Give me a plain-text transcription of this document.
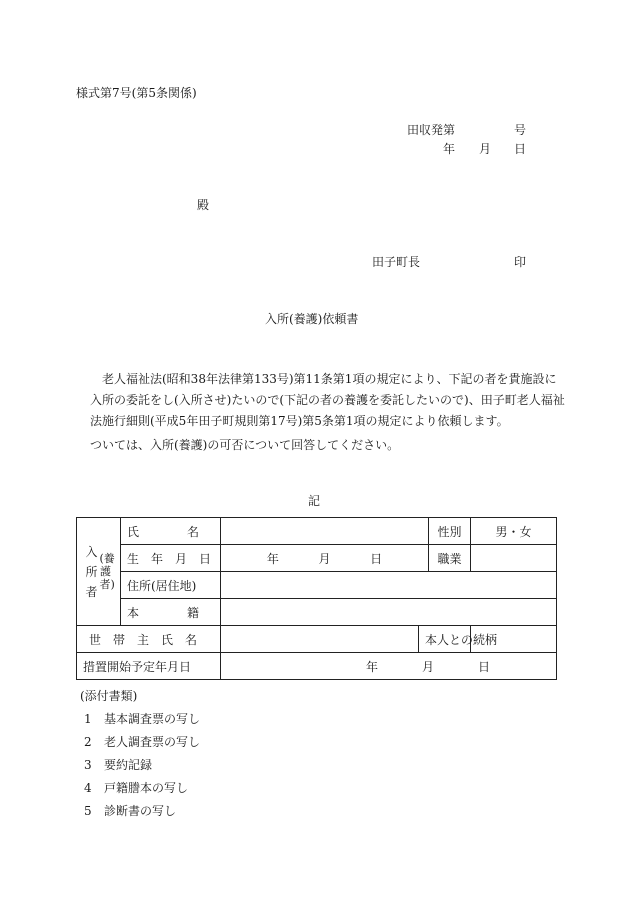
様式第7号(第5条関係)
田収発第	号
年 月 日
殿
田子町長	印
入所(養護)依頼書
老人福祉法(昭和38年法律第133号)第11条第1項の規定により、下記の者を貴施設に入所の委託をし(入所させ)たいので(下記の者の養護を委託したいので)、田子町老人福祉法施行細則(平成5年田子町規則第17号)第5条第1項の規定により依頼します。
ついては、入所(養護)の可否について回答してください。
記
入
所
者
(養護者)	氏　　　　名			性別	男・女
	生　年　月　日	年 月 日		職業	
	住所(居住地)				
	本　　　　籍				
世　帯　主　氏　名			本人との続柄		
措置開始予定年月日		年 月 日			
(添付書類)
1 基本調査票の写し
2 老人調査票の写し
3 要約記録
4 戸籍謄本の写し
5 診断書の写し
